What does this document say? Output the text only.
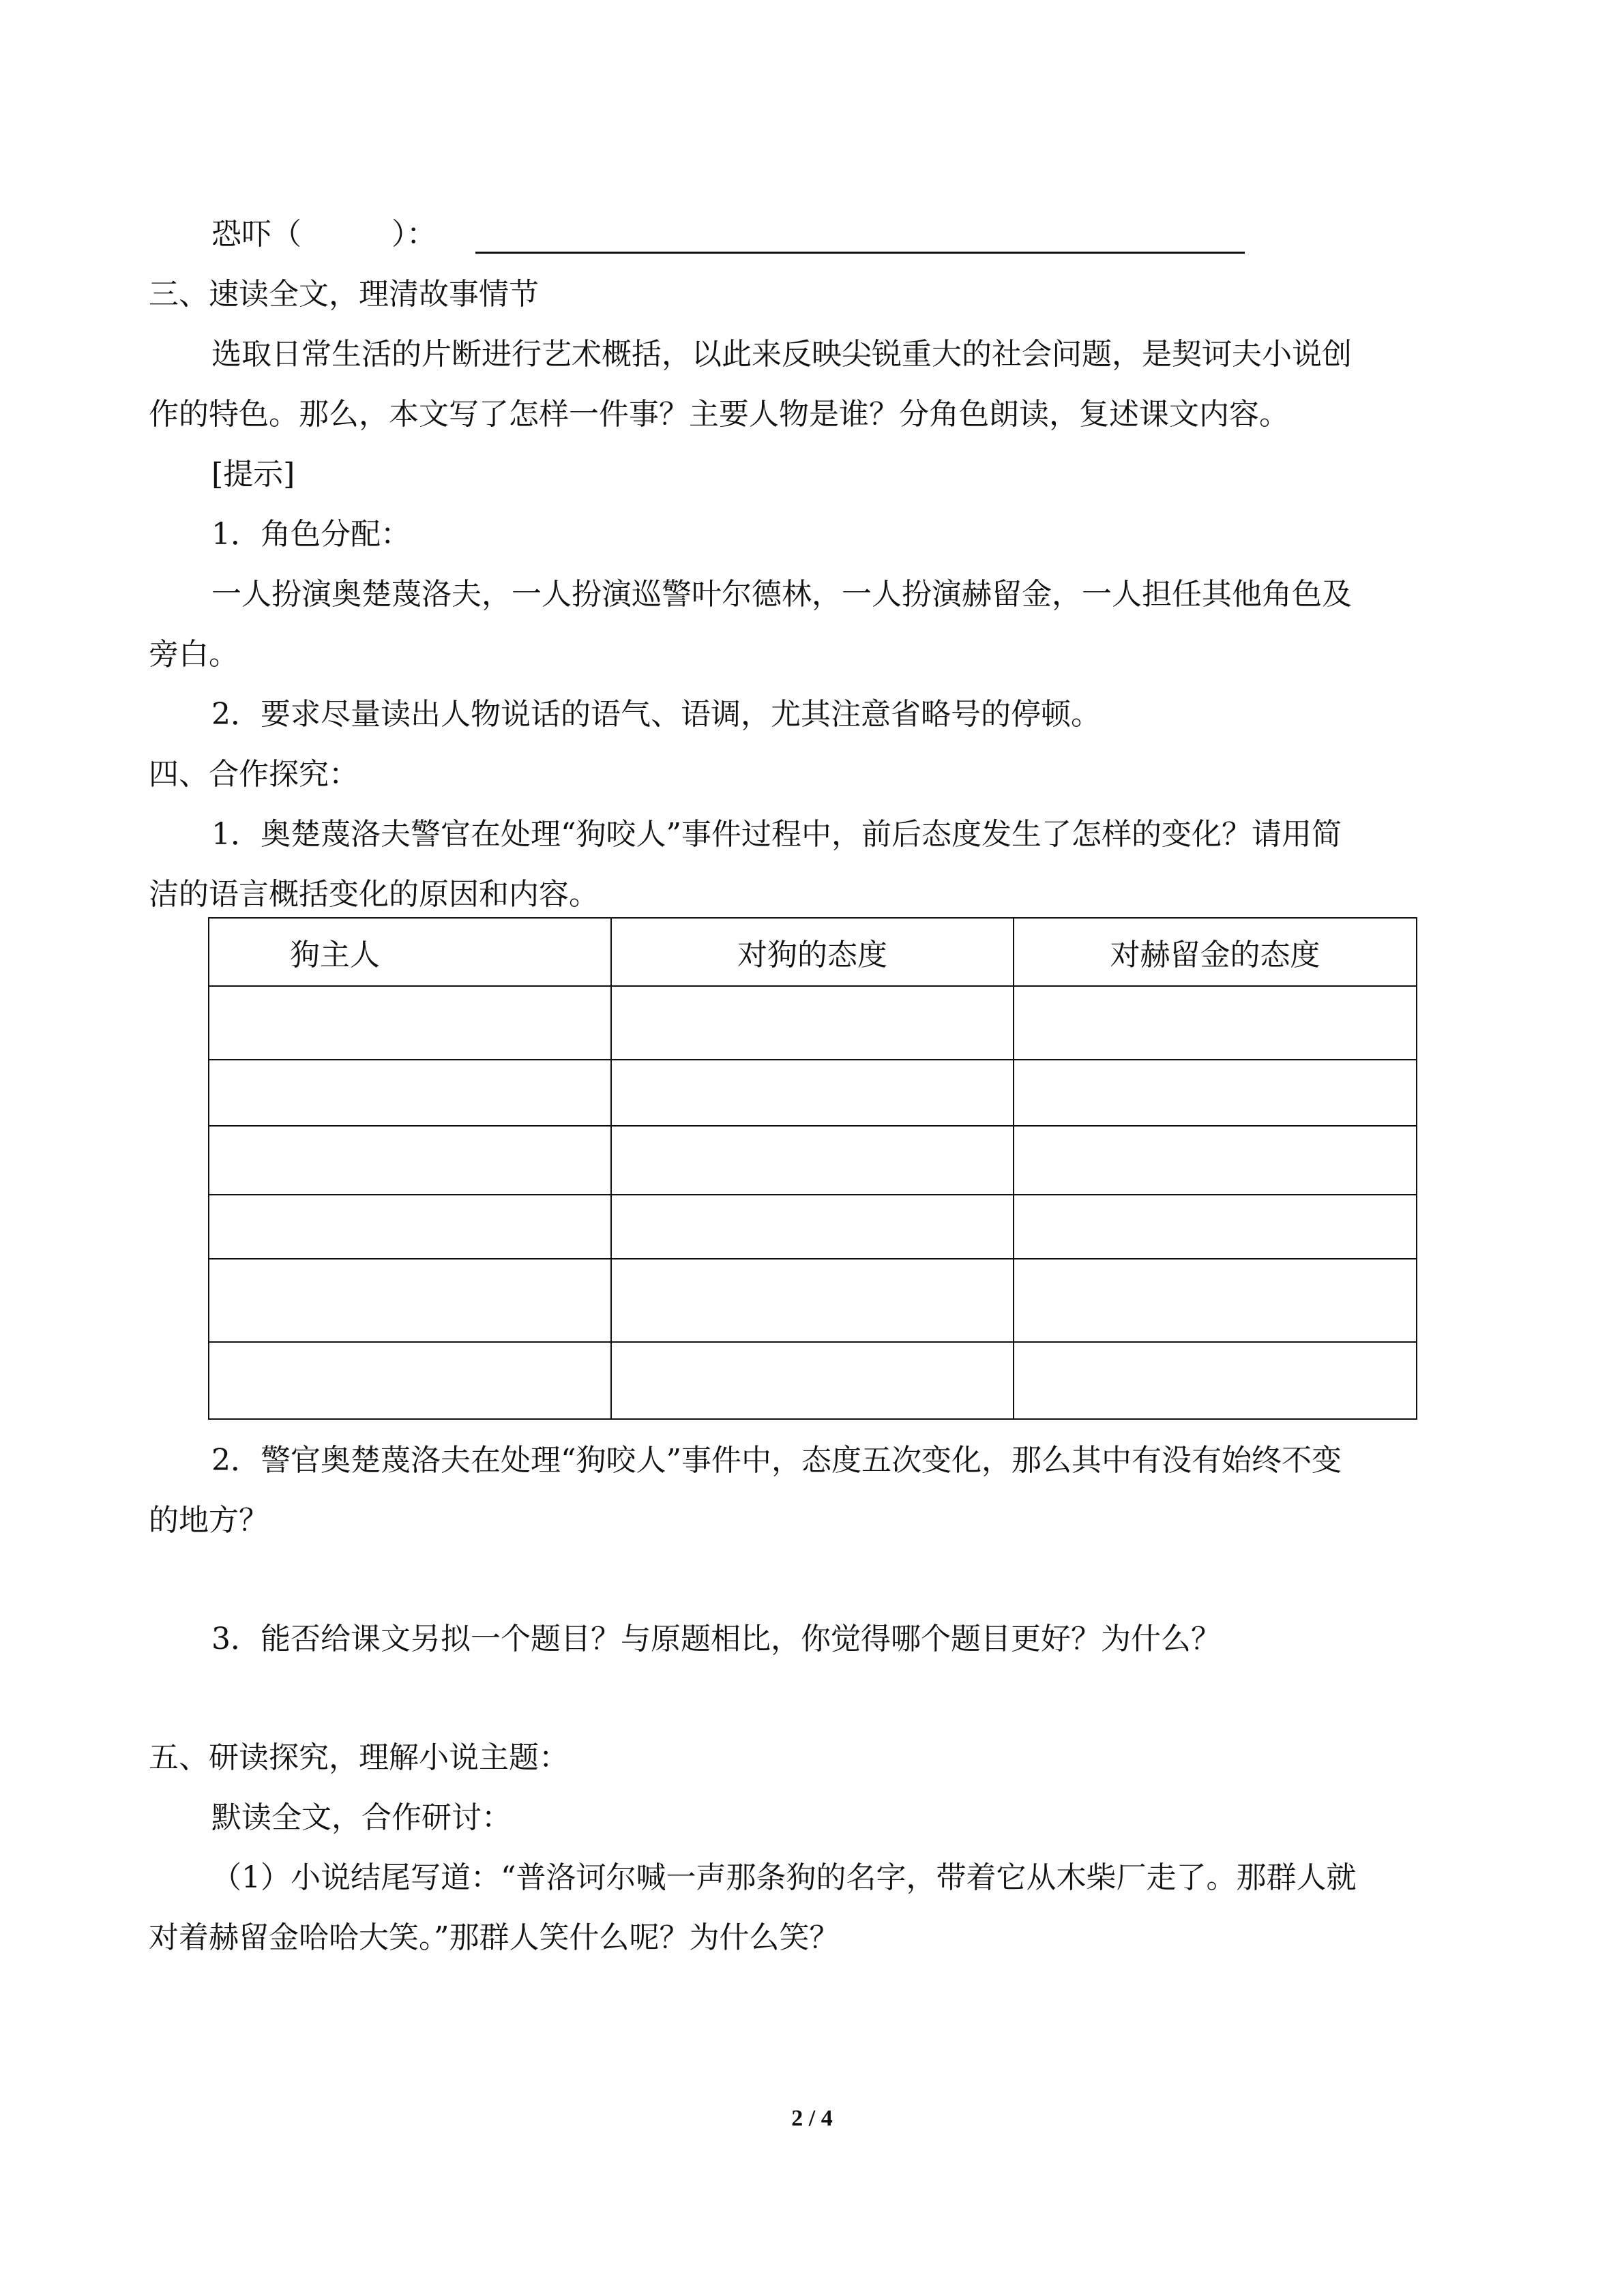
恐吓（　　　）：
三、速读全文，理清故事情节
选取日常生活的片断进行艺术概括，以此来反映尖锐重大的社会问题，是契诃夫小说创
作的特色。那么，本文写了怎样一件事？主要人物是谁？分角色朗读，复述课文内容。
[提示]
1．角色分配：
一人扮演奥楚蔑洛夫，一人扮演巡警叶尔德林，一人扮演赫留金，一人担任其他角色及
旁白。
2．要求尽量读出人物说话的语气、语调，尤其注意省略号的停顿。
四、合作探究：
1．奥楚蔑洛夫警官在处理“狗咬人”事件过程中，前后态度发生了怎样的变化？请用简
洁的语言概括变化的原因和内容。
狗主人	对狗的态度	对赫留金的态度

2．警官奥楚蔑洛夫在处理“狗咬人”事件中，态度五次变化，那么其中有没有始终不变
的地方？
3．能否给课文另拟一个题目？与原题相比，你觉得哪个题目更好？为什么？
五、研读探究，理解小说主题：
默读全文，合作研讨：
（1）小说结尾写道：“普洛诃尔喊一声那条狗的名字，带着它从木柴厂走了。那群人就
对着赫留金哈哈大笑。”那群人笑什么呢？为什么笑？
2 / 4
